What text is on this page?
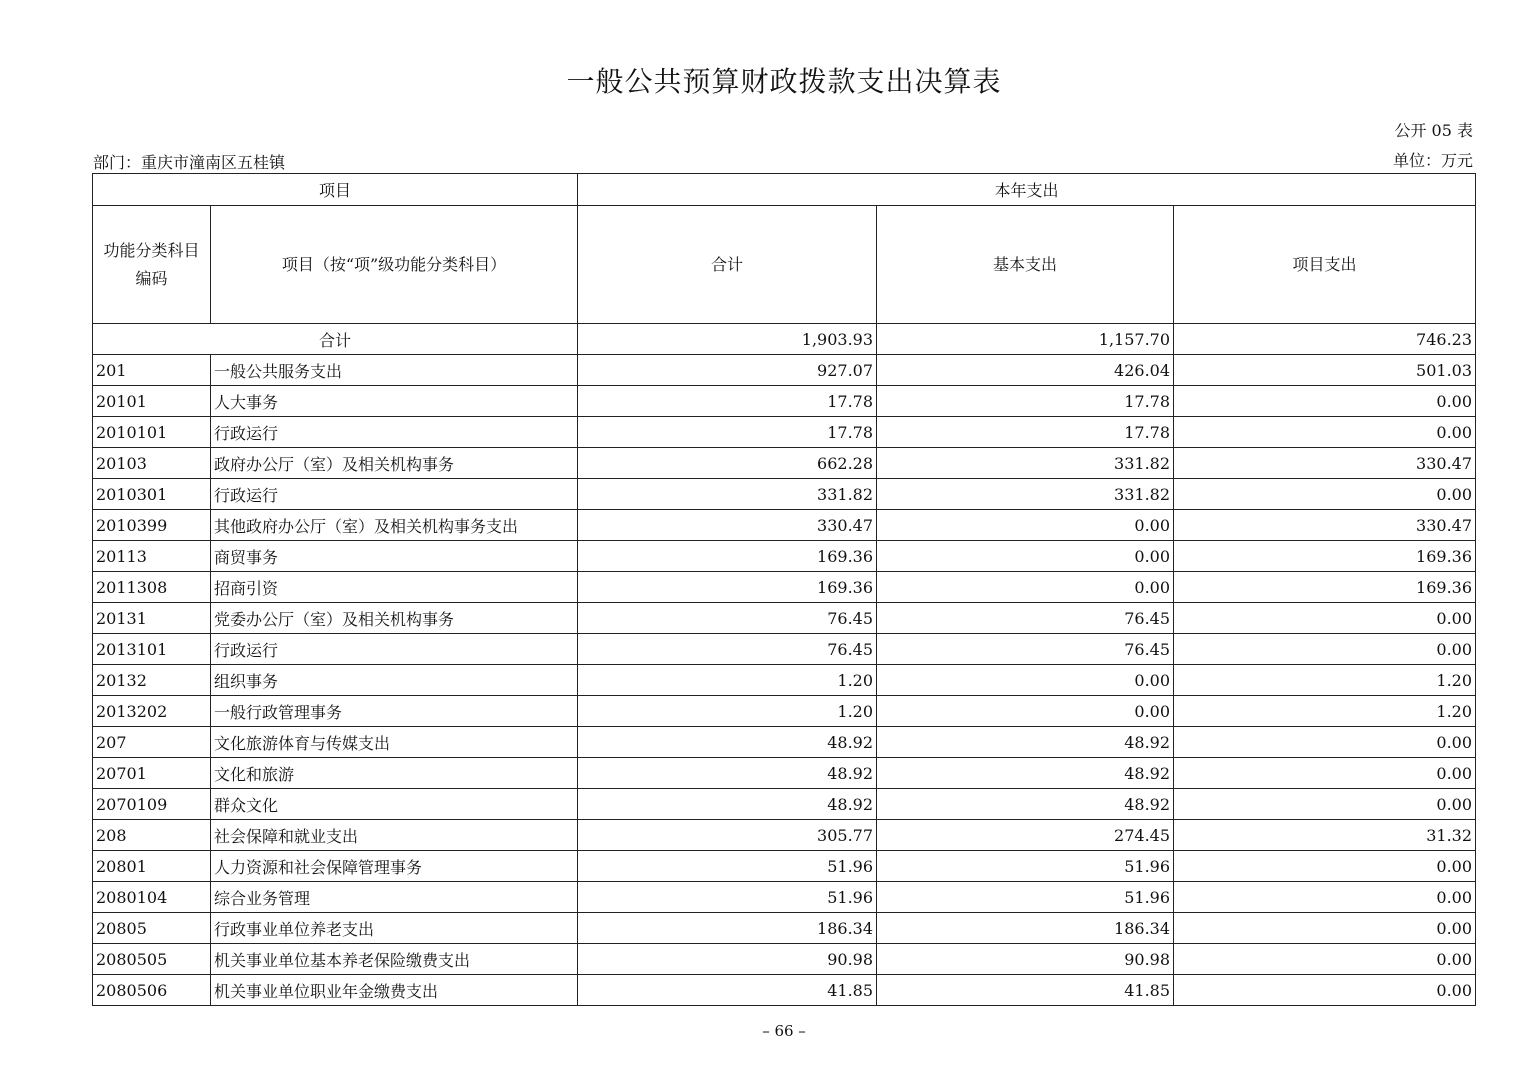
一般公共预算财政拨款支出决算表
公开 05 表
部门：重庆市潼南区五桂镇	单位：万元
项目		本年支出		
功能分类科目编码	项目（按“项”级功能分类科目）	合计	基本支出	项目支出
合计		1,903.93	1,157.70	746.23
201	一般公共服务支出	927.07	426.04	501.03
20101	人大事务	17.78	17.78	0.00
2010101	行政运行	17.78	17.78	0.00
20103	政府办公厅（室）及相关机构事务	662.28	331.82	330.47
2010301	行政运行	331.82	331.82	0.00
2010399	其他政府办公厅（室）及相关机构事务支出	330.47	0.00	330.47
20113	商贸事务	169.36	0.00	169.36
2011308	招商引资	169.36	0.00	169.36
20131	党委办公厅（室）及相关机构事务	76.45	76.45	0.00
2013101	行政运行	76.45	76.45	0.00
20132	组织事务	1.20	0.00	1.20
2013202	一般行政管理事务	1.20	0.00	1.20
207	文化旅游体育与传媒支出	48.92	48.92	0.00
20701	文化和旅游	48.92	48.92	0.00
2070109	群众文化	48.92	48.92	0.00
208	社会保障和就业支出	305.77	274.45	31.32
20801	人力资源和社会保障管理事务	51.96	51.96	0.00
2080104	综合业务管理	51.96	51.96	0.00
20805	行政事业单位养老支出	186.34	186.34	0.00
2080505	机关事业单位基本养老保险缴费支出	90.98	90.98	0.00
2080506	机关事业单位职业年金缴费支出	41.85	41.85	0.00
– 66 –
